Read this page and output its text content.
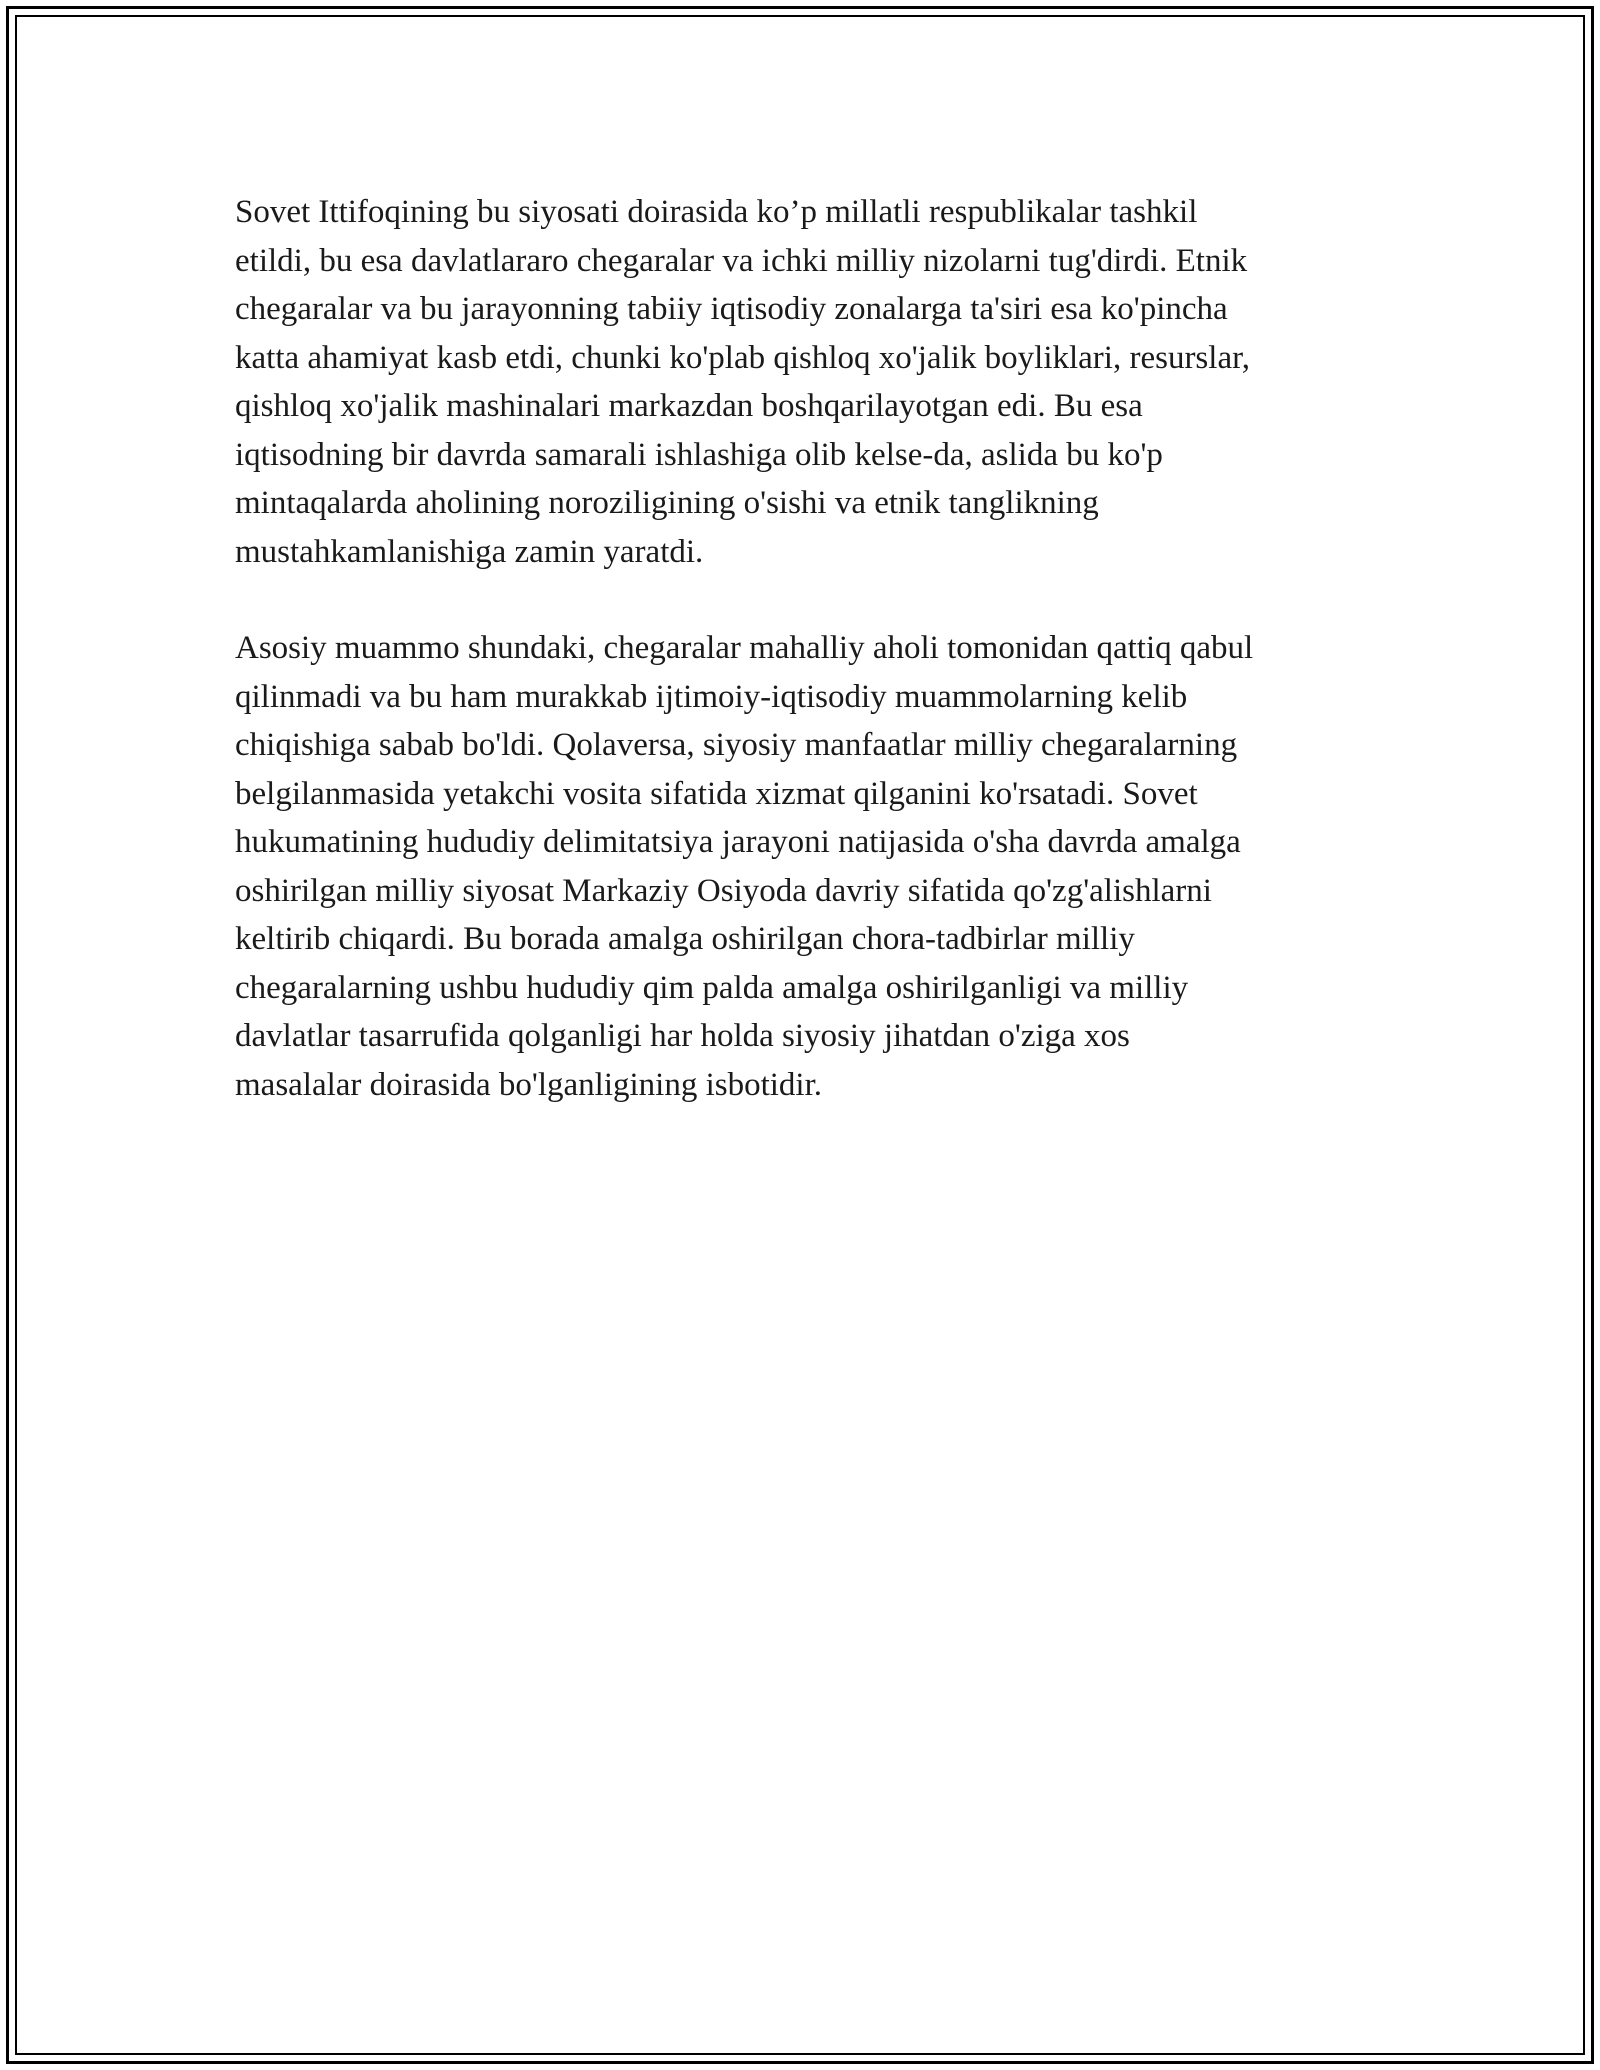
Sovet Ittifoqining bu siyosati doirasida ko’p millatli respublikalar tashkil
etildi, bu esa davlatlararo chegaralar va ichki milliy nizolarni tug'dirdi. Etnik
chegaralar va bu jarayonning tabiiy iqtisodiy zonalarga ta'siri esa ko'pincha
katta ahamiyat kasb etdi, chunki ko'plab qishloq xo'jalik boyliklari, resurslar,
qishloq xo'jalik mashinalari markazdan boshqarilayotgan edi. Bu esa
iqtisodning bir davrda samarali ishlashiga olib kelse-da, aslida bu ko'p
mintaqalarda aholining noroziligining o'sishi va etnik tanglikning
mustahkamlanishiga zamin yaratdi.

Asosiy muammo shundaki, chegaralar mahalliy aholi tomonidan qattiq qabul
qilinmadi va bu ham murakkab ijtimoiy-iqtisodiy muammolarning kelib
chiqishiga sabab bo'ldi. Qolaversa, siyosiy manfaatlar milliy chegaralarning
belgilanmasida yetakchi vosita sifatida xizmat qilganini ko'rsatadi. Sovet
hukumatining hududiy delimitatsiya jarayoni natijasida o'sha davrda amalga
oshirilgan milliy siyosat Markaziy Osiyoda davriy sifatida qo'zg'alishlarni
keltirib chiqardi. Bu borada amalga oshirilgan chora-tadbirlar milliy
chegaralarning ushbu hududiy qim palda amalga oshirilganligi va milliy
davlatlar tasarrufida qolganligi har holda siyosiy jihatdan o'ziga xos
masalalar doirasida bo'lganligining isbotidir.
